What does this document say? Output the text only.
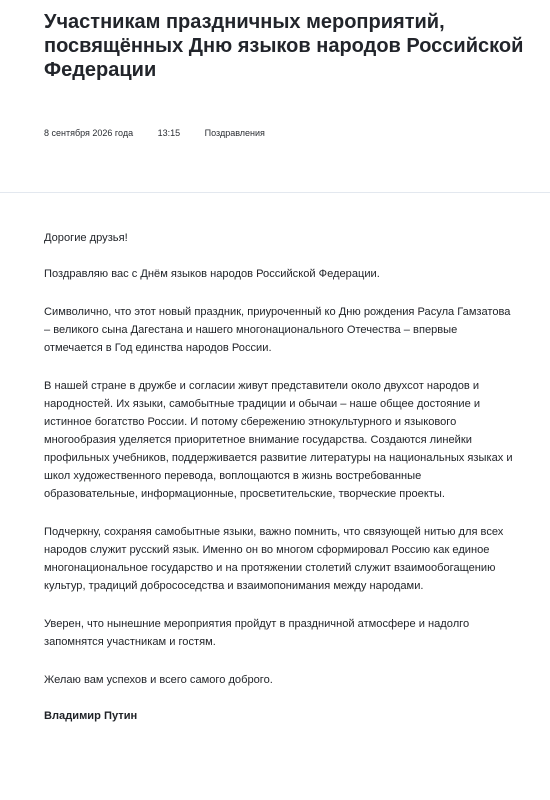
Участникам праздничных мероприятий, посвящённых Дню языков народов Российской Федерации
8 сентября 2026 года	13:15	Поздравления

Дорогие друзья!

Поздравляю вас с Днём языков народов Российской Федерации.

Символично, что этот новый праздник, приуроченный ко Дню рождения Расула Гамзатова – великого сына Дагестана и нашего многонационального Отечества – впервые отмечается в Год единства народов России.

В нашей стране в дружбе и согласии живут представители около двухсот народов и народностей. Их языки, самобытные традиции и обычаи – наше общее достояние и истинное богатство России. И потому сбережению этнокультурного и языкового многообразия уделяется приоритетное внимание государства. Создаются линейки профильных учебников, поддерживается развитие литературы на национальных языках и школ художественного перевода, воплощаются в жизнь востребованные образовательные, информационные, просветительские, творческие проекты.

Подчеркну, сохраняя самобытные языки, важно помнить, что связующей нитью для всех народов служит русский язык. Именно он во многом сформировал Россию как единое многонациональное государство и на протяжении столетий служит взаимообогащению культур, традиций добрососедства и взаимопонимания между народами.

Уверен, что нынешние мероприятия пройдут в праздничной атмосфере и надолго запомнятся участникам и гостям.

Желаю вам успехов и всего самого доброго.

Владимир Путин
